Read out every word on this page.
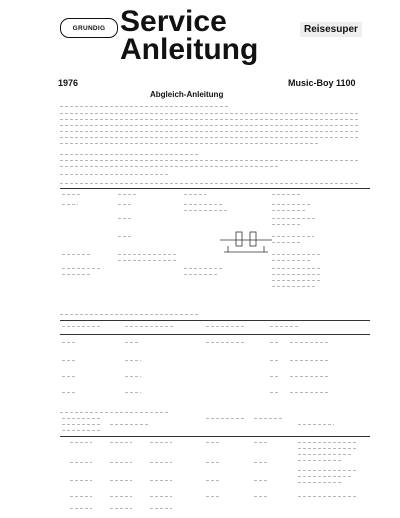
GRUNDIG Service
Anleitung
Reisesuper
1976	Music-Boy 1100
Abgleich-Anleitung
